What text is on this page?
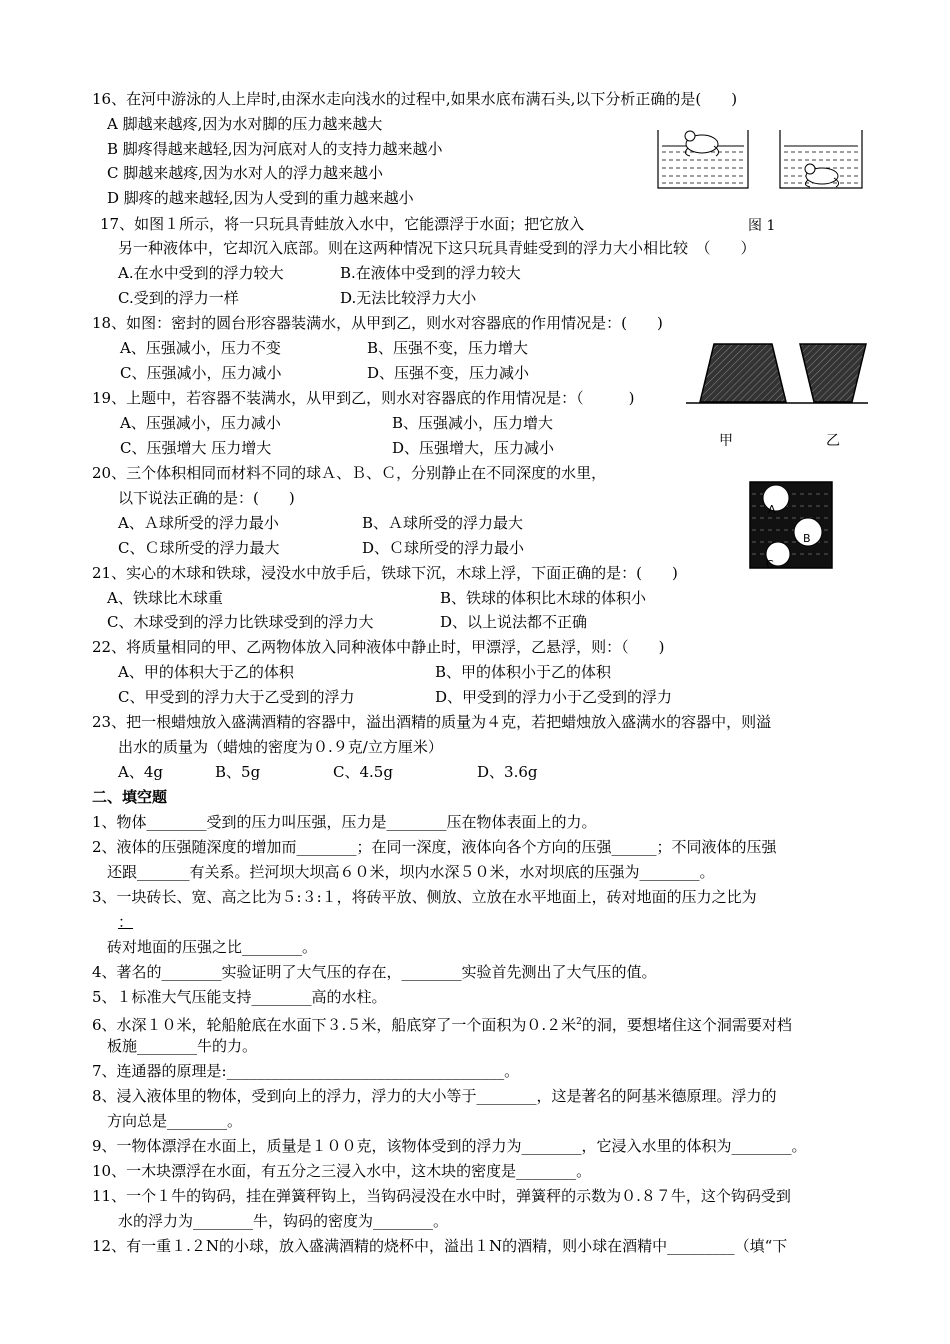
16、在河中游泳的人上岸时,由深水走向浅水的过程中,如果水底布满石头,以下分析正确的是(　　)
A 脚越来越疼,因为水对脚的压力越来越大
B 脚疼得越来越轻,因为河底对人的支持力越来越小
C 脚越来越疼,因为水对人的浮力越来越小
D 脚疼的越来越轻,因为人受到的重力越来越小
17、如图１所示，将一只玩具青蛙放入水中，它能漂浮于水面；把它放入	图 1
另一种液体中，它却沉入底部。则在这两种情况下这只玩具青蛙受到的浮力大小相比较　（　　）
A.在水中受到的浮力较大	B.在液体中受到的浮力较大
C.受到的浮力一样	D.无法比较浮力大小
18、如图：密封的圆台形容器装满水，从甲到乙，则水对容器底的作用情况是：(　　)
A、压强减小，压力不变	B、压强不变，压力增大
C、压强减小，压力减小	D、压强不变，压力减小
19、上题中，若容器不装满水，从甲到乙，则水对容器底的作用情况是：（　　　)
A、压强减小，压力减小	B、压强减小，压力增大
C、压强增大 压力增大	D、压强增大，压力减小	甲	乙
20、三个体积相同而材料不同的球Ａ、Ｂ、Ｃ，分别静止在不同深度的水里，
以下说法正确的是：(　　)
A、Ａ球所受的浮力最小	B、Ａ球所受的浮力最大
C、Ｃ球所受的浮力最大	D、Ｃ球所受的浮力最小
A
B
C
21、实心的木球和铁球，浸没水中放手后，铁球下沉，木球上浮，下面正确的是：(　　)
A、铁球比木球重	B、铁球的体积比木球的体积小
C、木球受到的浮力比铁球受到的浮力大	D、以上说法都不正确
22、将质量相同的甲、乙两物体放入同种液体中静止时，甲漂浮，乙悬浮，则：（　　)
A、甲的体积大于乙的体积	B、甲的体积小于乙的体积
C、甲受到的浮力大于乙受到的浮力	D、甲受到的浮力小于乙受到的浮力
23、把一根蜡烛放入盛满酒精的容器中，溢出酒精的质量为４克，若把蜡烛放入盛满水的容器中，则溢
出水的质量为（蜡烛的密度为０.９克/立方厘米）
A、4g	B、5g	C、4.5g	D、3.6g
二、填空题
1、物体________受到的压力叫压强，压力是________压在物体表面上的力。
2、液体的压强随深度的增加而________；在同一深度，液体向各个方向的压强______；不同液体的压强
还跟_______有关系。拦河坝大坝高６０米，坝内水深５０米，水对坝底的压强为________。
3、一块砖长、宽、高之比为５:３:１，将砖平放、侧放、立放在水平地面上，砖对地面的压力之比为
：
砖对地面的压强之比________。
4、著名的________实验证明了大气压的存在，________实验首先测出了大气压的值。
5、１标准大气压能支持________高的水柱。
6、水深１０米，轮船舱底在水面下３.５米，船底穿了一个面积为０.２米$^2$的洞，要想堵住这个洞需要对档
板施________牛的力。
7、连通器的原理是:_____________________________________。
8、浸入液体里的物体，受到向上的浮力，浮力的大小等于________，这是著名的阿基米德原理。浮力的
方向总是________。
9、一物体漂浮在水面上，质量是１００克，该物体受到的浮力为________，它浸入水里的体积为________。
10、一木块漂浮在水面，有五分之三浸入水中，这木块的密度是________。
11、一个１牛的钩码，挂在弹簧秤钩上，当钩码浸没在水中时，弹簧秤的示数为０.８７牛，这个钩码受到
水的浮力为________牛，钩码的密度为________。
12、有一重１.２N的小球，放入盛满酒精的烧杯中，溢出１N的酒精，则小球在酒精中_________（填“下
